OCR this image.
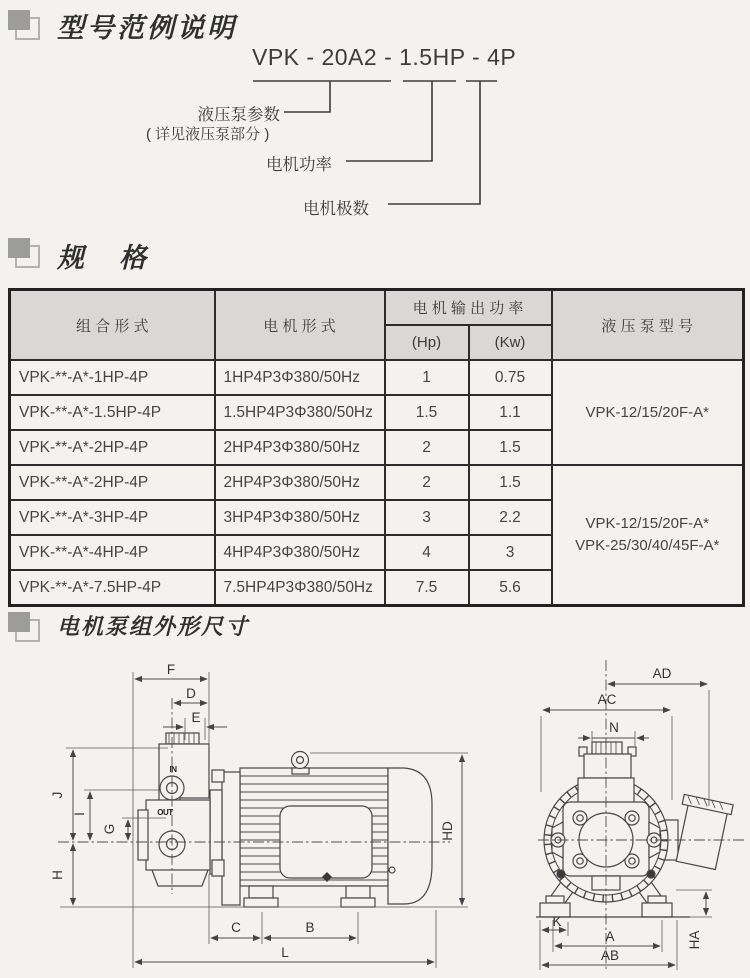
型号范例说明
VPK - 20A2 - 1.5HP - 4P
液压泵参数
( 详见液压泵部分 )
电机功率
电机极数
规　格
组 合 形 式	电 机 形 式	电 机 输 出 功 率		液 压 泵 型 号
		(Hp)	(Kw)	
VPK-**-A*-1HP-4P	1HP4P3Φ380/50Hz	1	0.75	VPK-12/15/20F-A*
VPK-**-A*-1.5HP-4P	1.5HP4P3Φ380/50Hz	1.5	1.1	
VPK-**-A*-2HP-4P	2HP4P3Φ380/50Hz	2	1.5	
VPK-**-A*-2HP-4P	2HP4P3Φ380/50Hz	2	1.5	VPK-12/15/20F-A*
VPK-25/30/40/45F-A*

VPK-**-A*-3HP-4P	3HP4P3Φ380/50Hz	3	2.2	
VPK-**-A*-4HP-4P	4HP4P3Φ380/50Hz	4	3	
VPK-**-A*-7.5HP-4P	7.5HP4P3Φ380/50Hz	7.5	5.6	
电机泵组外形尺寸
IN
OUT
F
D
E
J
I
G
H
HD
C	B
L
AD
AC
N
K
A
AB
HA
